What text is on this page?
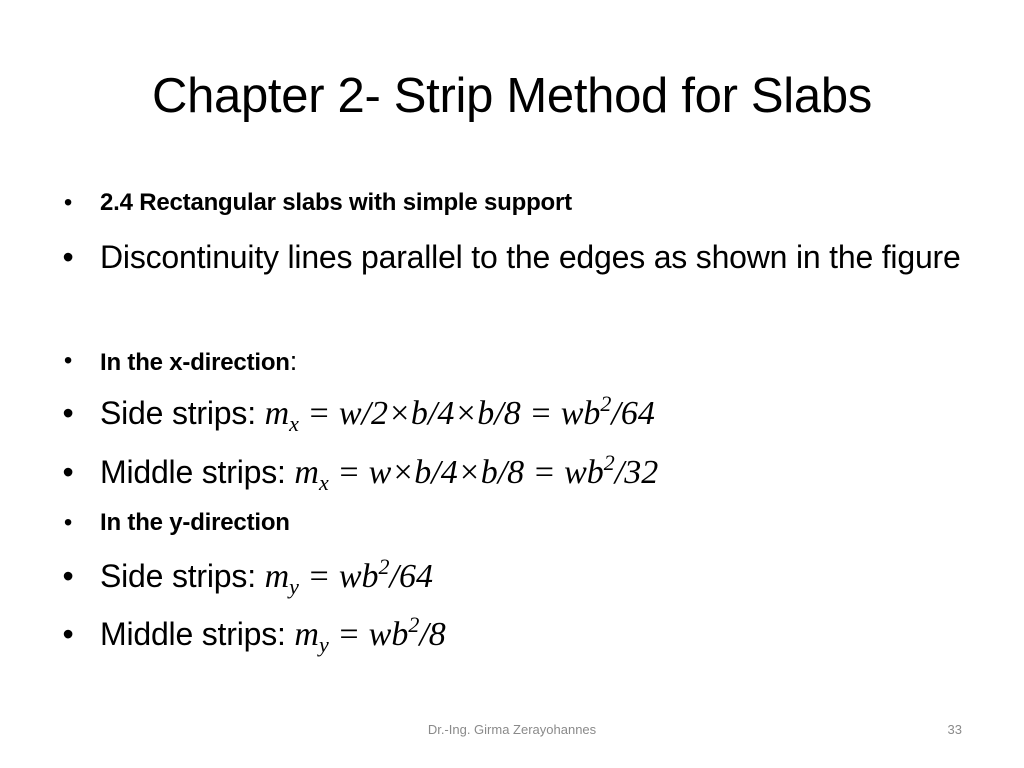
Chapter 2- Strip Method for Slabs
• 2.4 Rectangular slabs with simple support
• Discontinuity lines parallel to the edges as shown in the figure
• In the x-direction:
• Side strips: $m_x = w/2\times b/4\times b/8 = wb^2/64$
• Middle strips: $m_x = w\times b/4\times b/8 = wb^2/32$
• In the y-direction
• Side strips: $m_y = wb^2/64$
• Middle strips: $m_y = wb^2/8$
Dr.-Ing. Girma Zerayohannes	33
